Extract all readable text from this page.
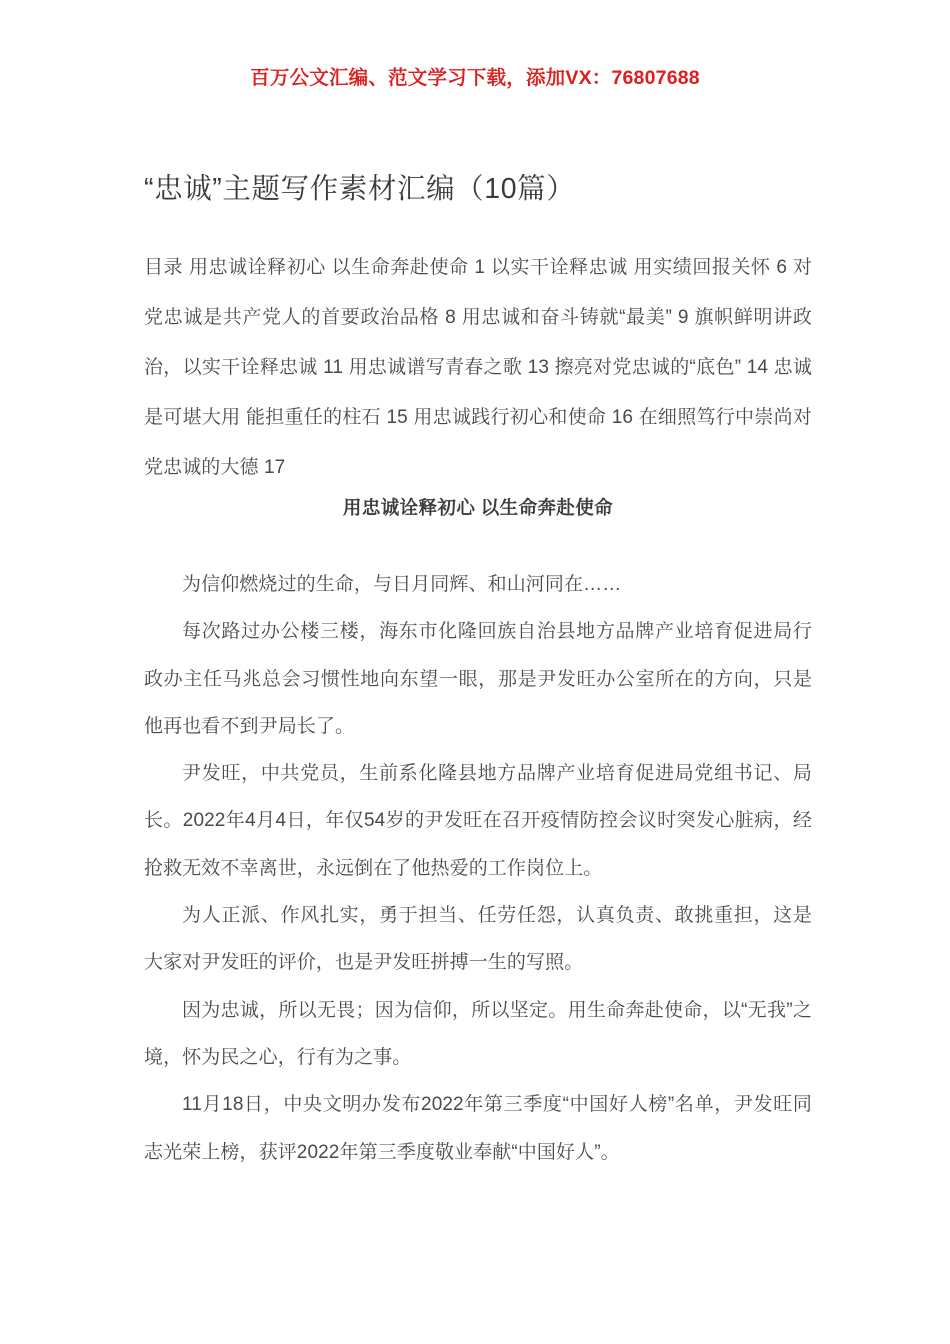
百万公文汇编、范文学习下载，添加VX：76807688
“忠诚”主题写作素材汇编（10篇）
目录 用忠诚诠释初心 以生命奔赴使命 1 以实干诠释忠诚 用实绩回报关怀 6 对党忠诚是共产党人的首要政治品格 8 用忠诚和奋斗铸就“最美” 9 旗帜鲜明讲政治，以实干诠释忠诚 11 用忠诚谱写青春之歌 13 擦亮对党忠诚的“底色” 14 忠诚是可堪大用 能担重任的柱石 15 用忠诚践行初心和使命 16 在细照笃行中崇尚对党忠诚的大德 17
用忠诚诠释初心 以生命奔赴使命

为信仰燃烧过的生命，与日月同辉、和山河同在……

每次路过办公楼三楼，海东市化隆回族自治县地方品牌产业培育促进局行政办主任马兆总会习惯性地向东望一眼，那是尹发旺办公室所在的方向，只是他再也看不到尹局长了。

尹发旺，中共党员，生前系化隆县地方品牌产业培育促进局党组书记、局长。2022年4月4日，年仅54岁的尹发旺在召开疫情防控会议时突发心脏病，经抢救无效不幸离世，永远倒在了他热爱的工作岗位上。

为人正派、作风扎实，勇于担当、任劳任怨，认真负责、敢挑重担，这是大家对尹发旺的评价，也是尹发旺拼搏一生的写照。

因为忠诚，所以无畏；因为信仰，所以坚定。用生命奔赴使命，以“无我”之境，怀为民之心，行有为之事。

11月18日，中央文明办发布2022年第三季度“中国好人榜”名单，尹发旺同志光荣上榜，获评2022年第三季度敬业奉献“中国好人”。
